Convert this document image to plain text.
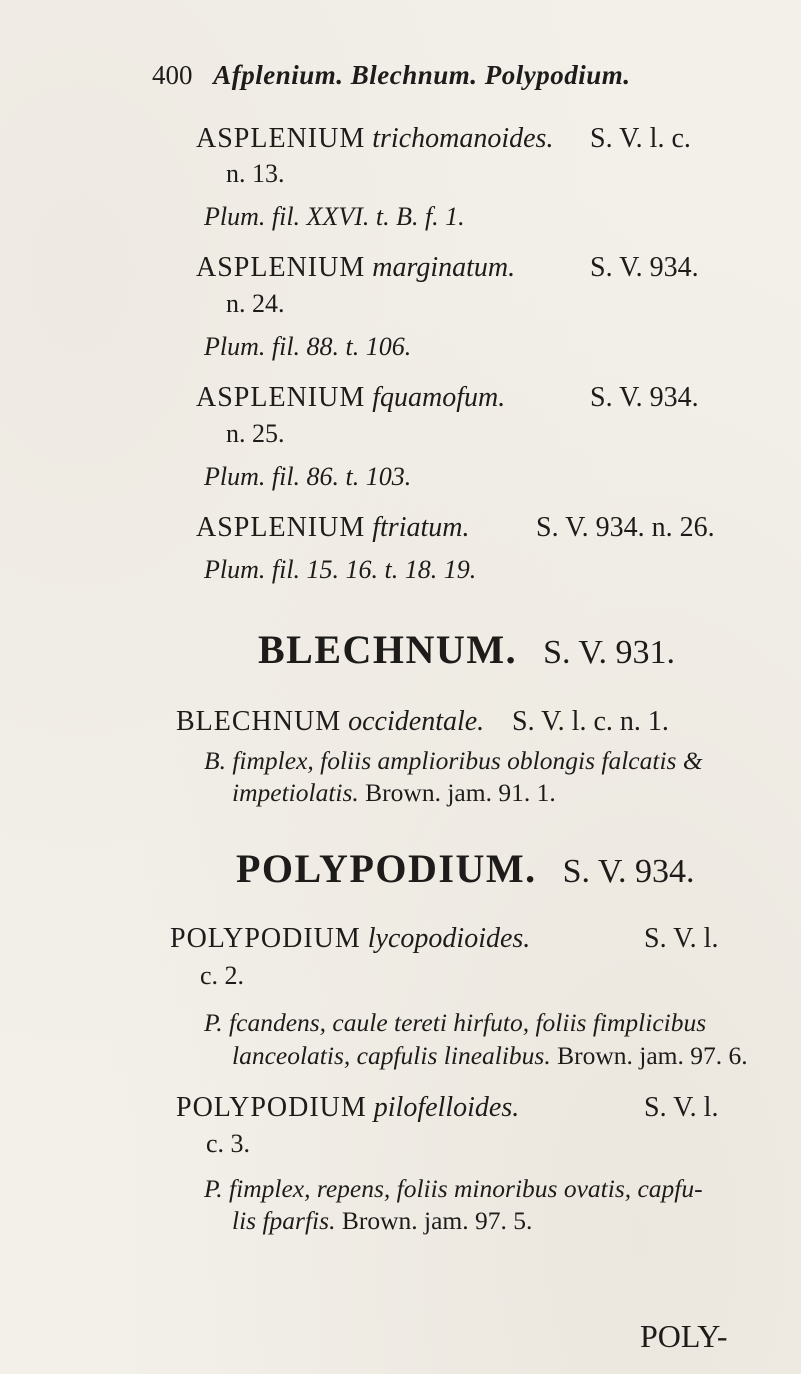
400 Afplenium. Blechnum. Polypodium.
ASPLENIUM trichomanoides. S. V. l. c.
n. 13.
Plum. fil. XXVI. t. B. f. 1.
ASPLENIUM marginatum.	S. V. 934.
n. 24.
Plum. fil. 88. t. 106.
ASPLENIUM fquamofum.	S. V. 934.
n. 25.
Plum. fil. 86. t. 103.
ASPLENIUM ftriatum. S. V. 934. n. 26.
Plum. fil. 15. 16. t. 18. 19.
BLECHNUM. S. V. 931.
BLECHNUM occidentale. S. V. l. c. n. 1.
B. fimplex, foliis amplioribus oblongis falcatis &
impetiolatis. Brown. jam. 91. 1.
POLYPODIUM. S. V. 934.
POLYPODIUM lycopodioides.	S. V. l.
c. 2.
P. fcandens, caule tereti hirfuto, foliis fimplicibus
lanceolatis, capfulis linealibus. Brown. jam. 97. 6.
POLYPODIUM pilofelloides.	S. V. l.
c. 3.
P. fimplex, repens, foliis minoribus ovatis, capfu-
lis fparfis. Brown. jam. 97. 5.
POLY-
